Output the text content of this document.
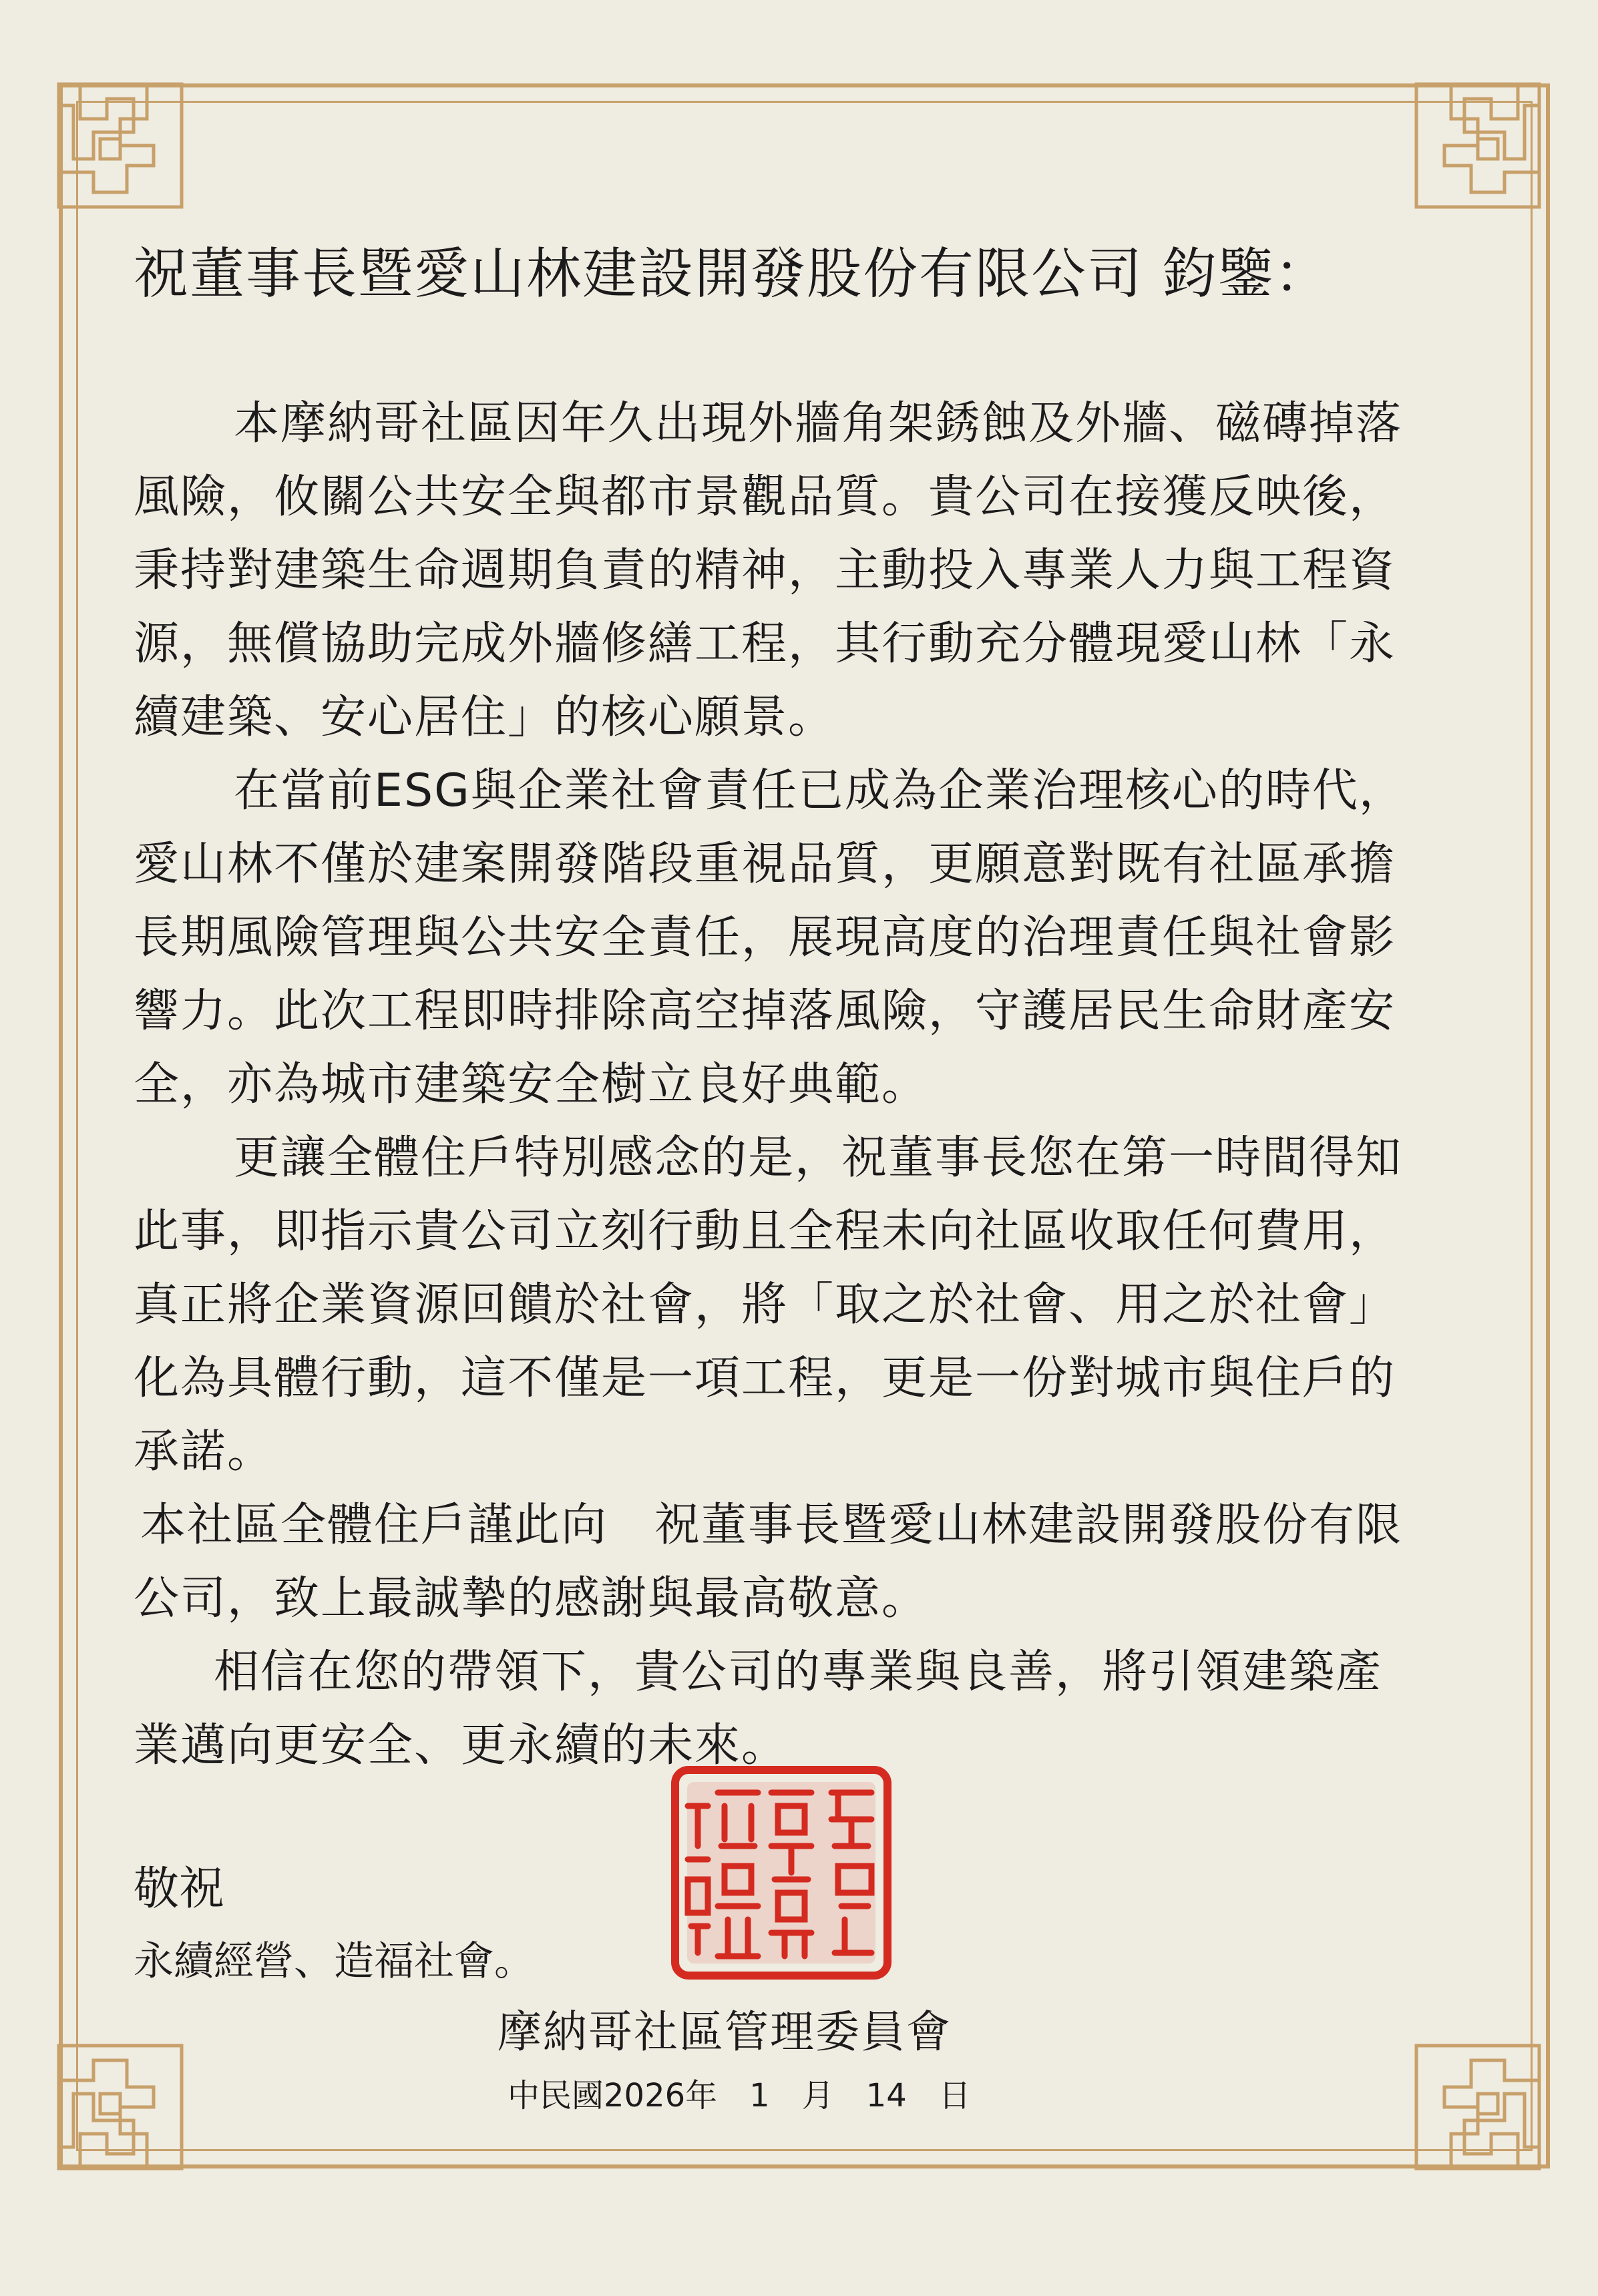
祝董事長暨愛山林建設開發股份有限公司 鈞鑒：

本摩納哥社區因年久出現外牆角架銹蝕及外牆、磁磚掉落風險，攸關公共安全與都市景觀品質。貴公司在接獲反映後，秉持對建築生命週期負責的精神，主動投入專業人力與工程資源，無償協助完成外牆修繕工程，其行動充分體現愛山林「永續建築、安心居住」的核心願景。

在當前ESG與企業社會責任已成為企業治理核心的時代，愛山林不僅於建案開發階段重視品質，更願意對既有社區承擔長期風險管理與公共安全責任，展現高度的治理責任與社會影響力。此次工程即時排除高空掉落風險，守護居民生命財產安全，亦為城市建築安全樹立良好典範。

更讓全體住戶特別感念的是，祝董事長您在第一時間得知此事，即指示貴公司立刻行動且全程未向社區收取任何費用，真正將企業資源回饋於社會，將「取之於社會、用之於社會」化為具體行動，這不僅是一項工程，更是一份對城市與住戶的承諾。

本社區全體住戶謹此向　祝董事長暨愛山林建設開發股份有限公司，致上最誠摯的感謝與最高敬意。

相信在您的帶領下，貴公司的專業與良善，將引領建築產業邁向更安全、更永續的未來。

敬祝
永續經營、造福社會。
摩納哥社區管理委員會
中民國2026年　1　月　14　日
